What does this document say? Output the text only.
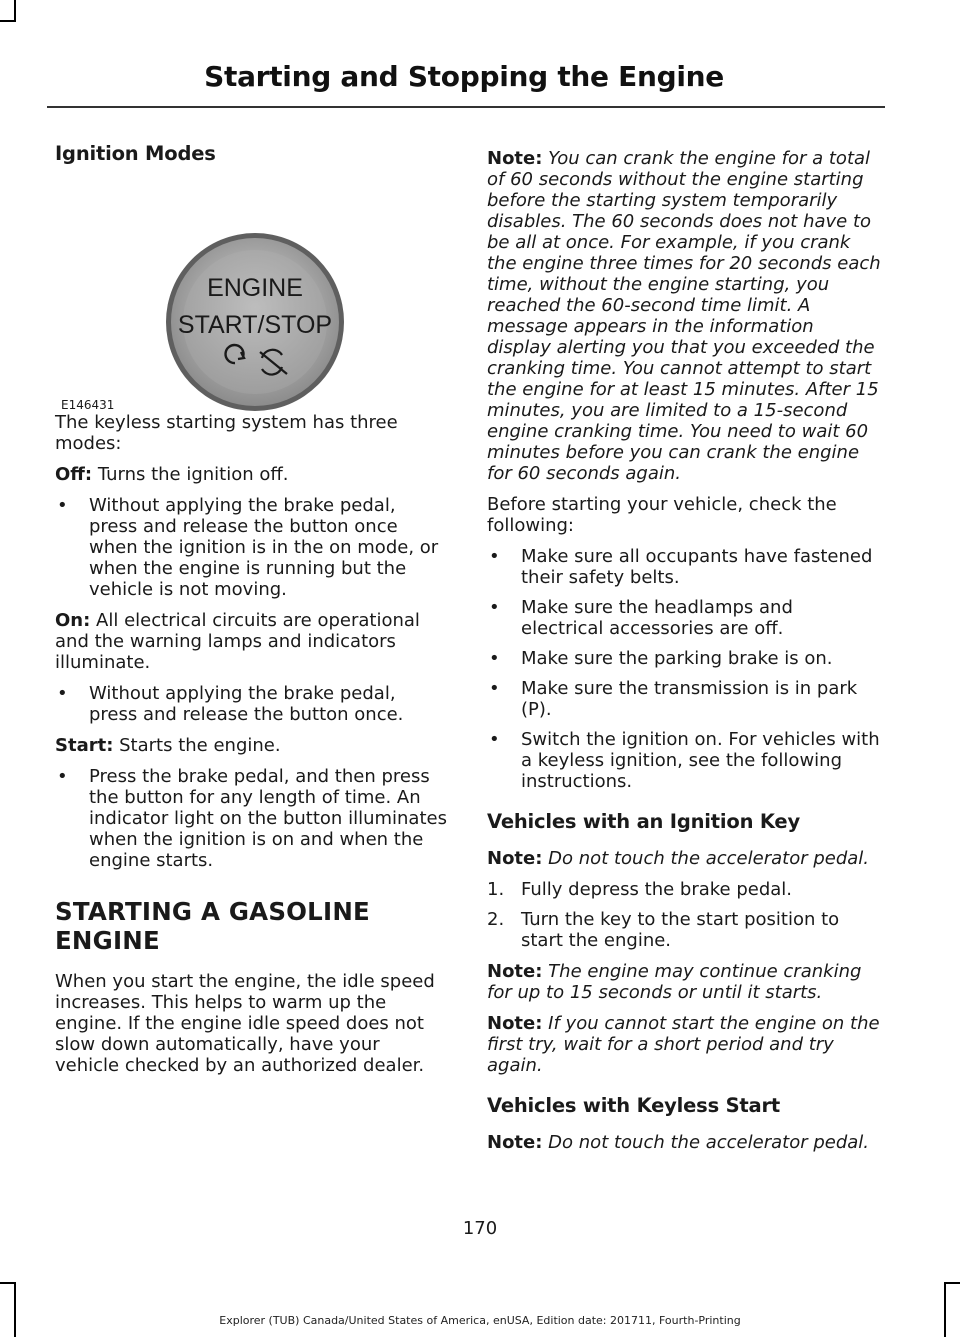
Starting and Stopping the Engine
Ignition Modes
ENGINE
START/STOP
E146431

The keyless starting system has three modes:

Off: Turns the ignition off.

• Without applying the brake pedal, press and release the button once when the ignition is in the on mode, or when the engine is running but the vehicle is not moving.

On: All electrical circuits are operational and the warning lamps and indicators illuminate.

• Without applying the brake pedal, press and release the button once.

Start: Starts the engine.

• Press the brake pedal, and then press the button for any length of time. An indicator light on the button illuminates when the ignition is on and when the engine starts.
STARTING A GASOLINE
ENGINE

When you start the engine, the idle speed increases. This helps to warm up the engine. If the engine idle speed does not slow down automatically, have your vehicle checked by an authorized dealer.

Note: You can crank the engine for a total of 60 seconds without the engine starting before the starting system temporarily disables. The 60 seconds does not have to be all at once. For example, if you crank the engine three times for 20 seconds each time, without the engine starting, you reached the 60-second time limit. A message appears in the information display alerting you that you exceeded the cranking time. You cannot attempt to start the engine for at least 15 minutes. After 15 minutes, you are limited to a 15-second engine cranking time. You need to wait 60 minutes before you can crank the engine for 60 seconds again.

Before starting your vehicle, check the following:

• Make sure all occupants have fastened their safety belts.
• Make sure the headlamps and electrical accessories are off.
• Make sure the parking brake is on.
• Make sure the transmission is in park (P).
• Switch the ignition on. For vehicles with a keyless ignition, see the following instructions.
Vehicles with an Ignition Key

Note: Do not touch the accelerator pedal.

1. Fully depress the brake pedal.
2. Turn the key to the start position to start the engine.

Note: The engine may continue cranking for up to 15 seconds or until it starts.

Note: If you cannot start the engine on the first try, wait for a short period and try again.

Vehicles with Keyless Start

Note: Do not touch the accelerator pedal.

170
Explorer (TUB) Canada/United States of America, enUSA, Edition date: 201711, Fourth-Printing
